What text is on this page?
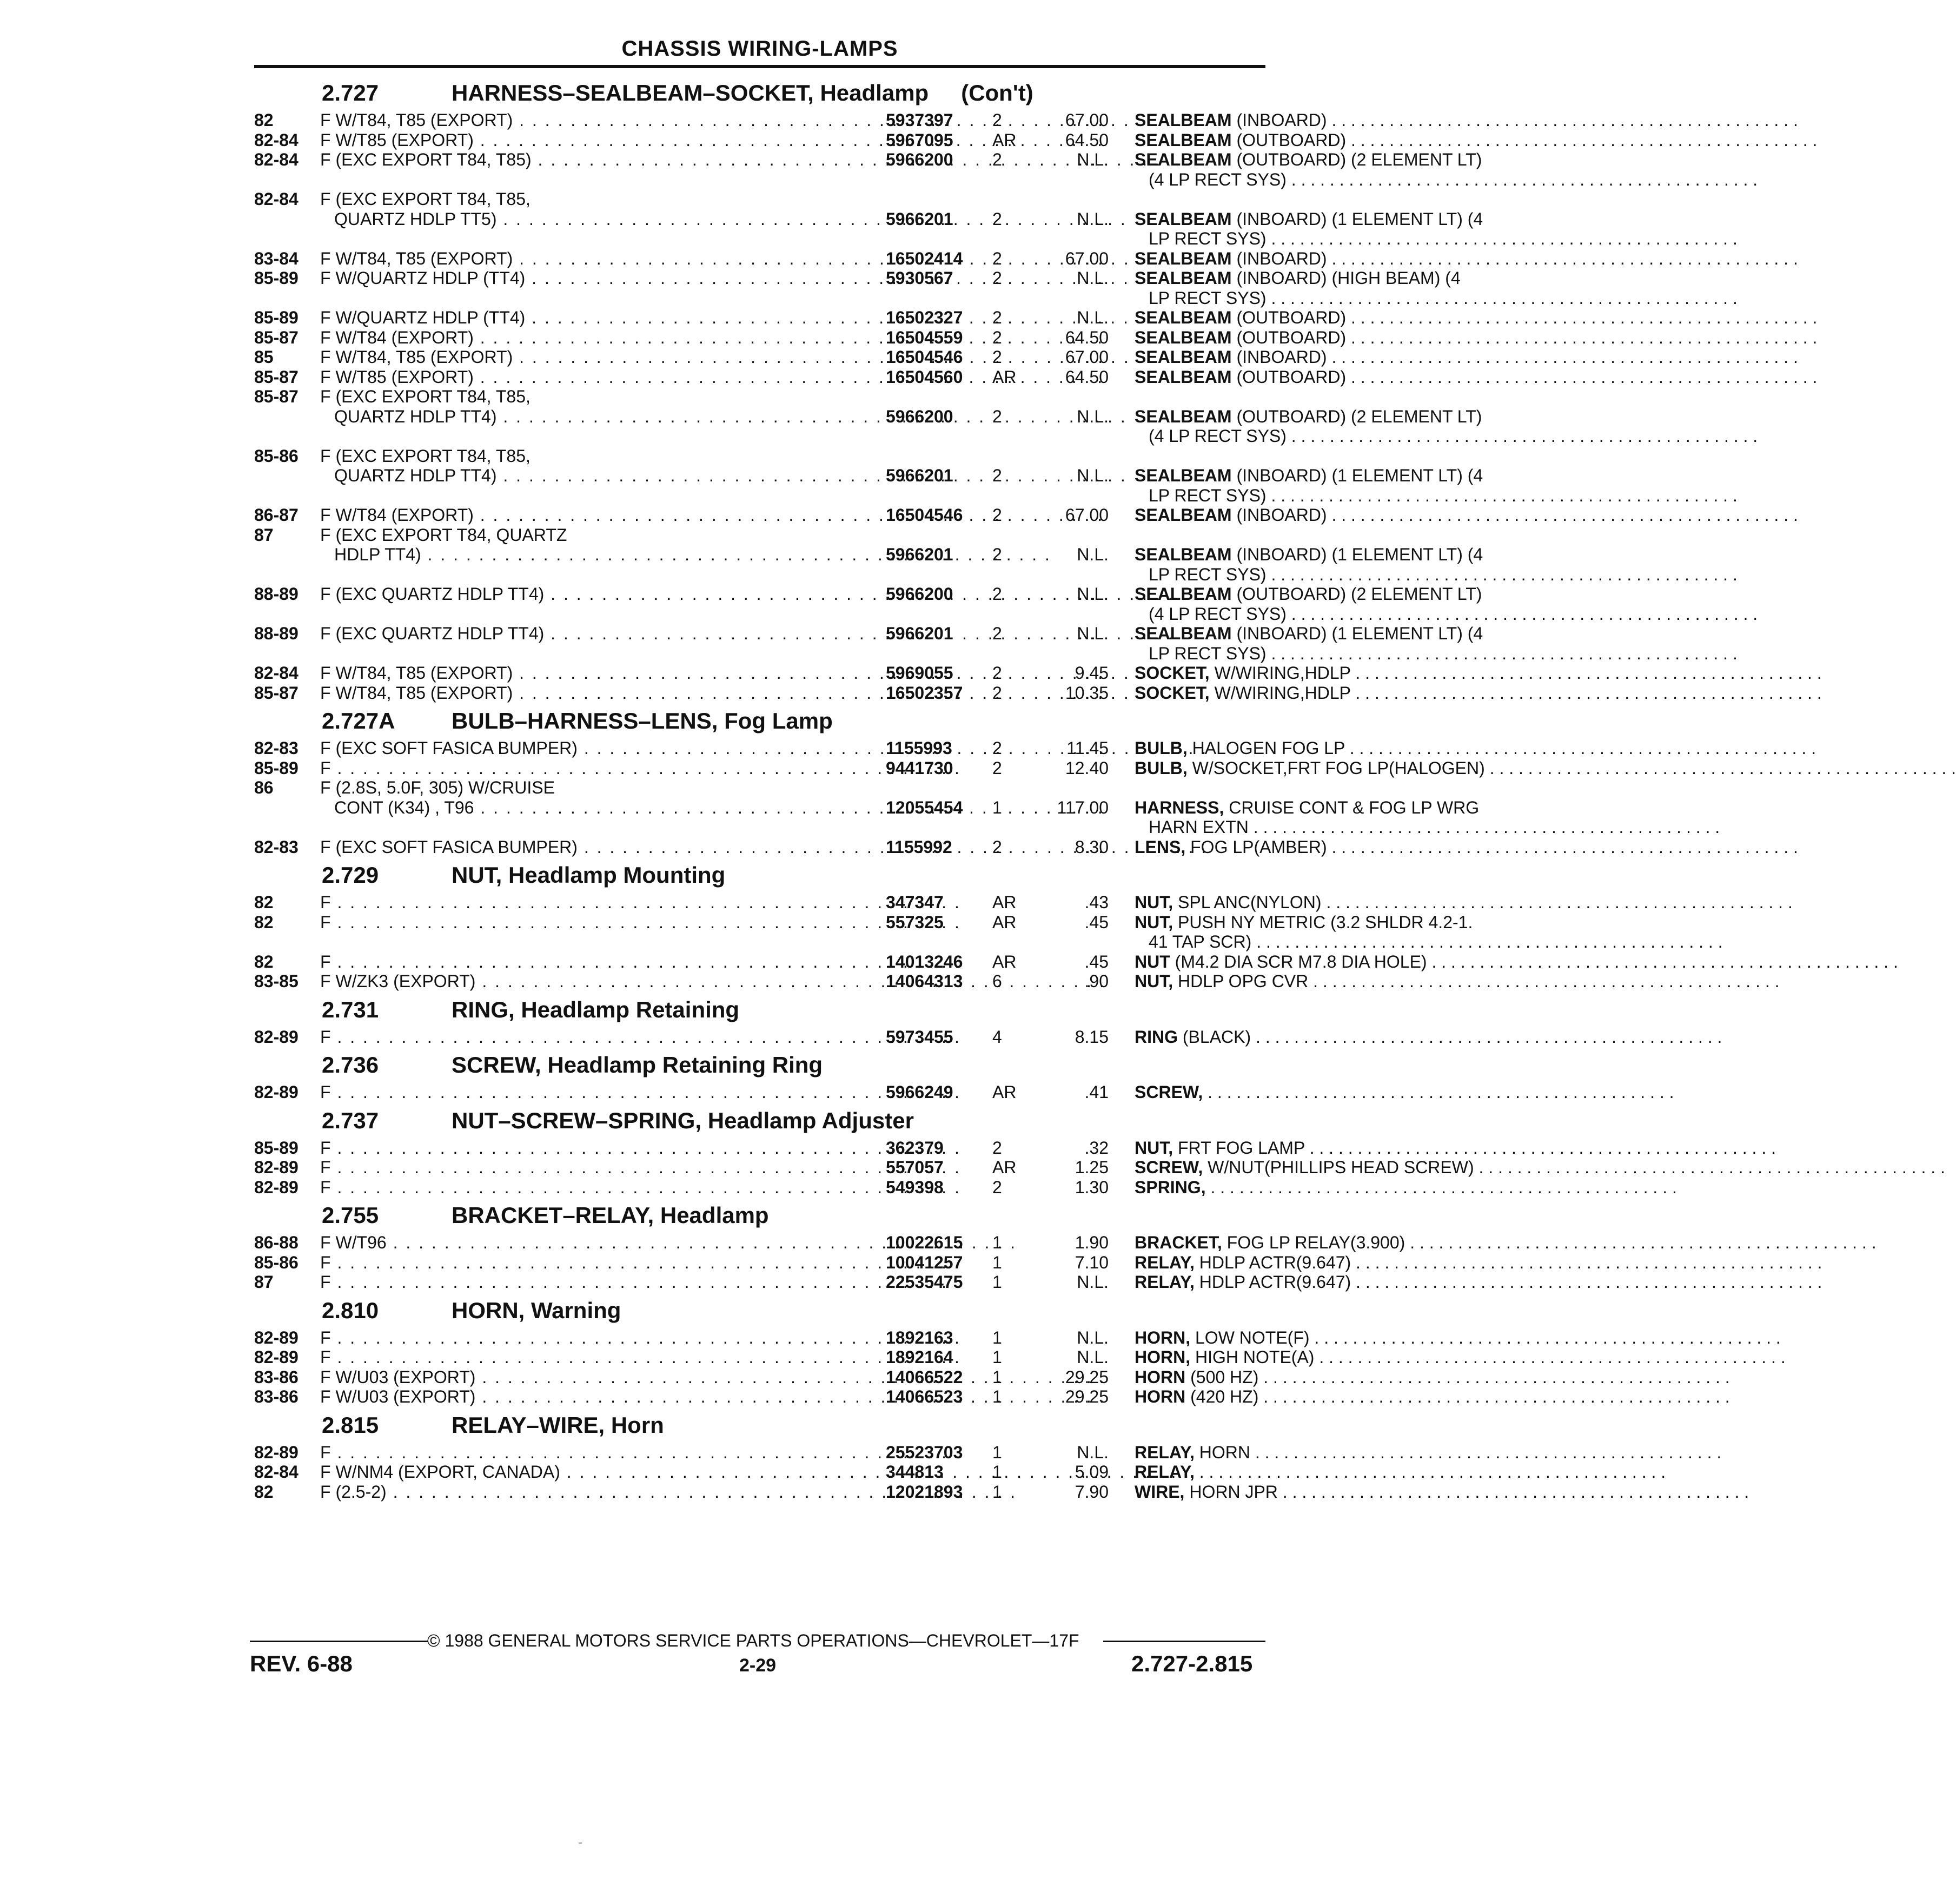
CHASSIS WIRING-LAMPS
2.727	HARNESS–SEALBEAM–SOCKET, Headlamp (Con't)
82	F W/T84, T85 (EXPORT) . . .	5937397 2	67.00 SEALBEAM (INBOARD) . . .
82-84 F W/T85 (EXPORT) . . .	5967095 AR	64.50 SEALBEAM (OUTBOARD) . . .
82-84 F (EXC EXPORT T84, T85) . . .	5966200 2	N.L. SEALBEAM (OUTBOARD) (2 ELEMENT LT)
(4 LP RECT SYS) . . .
82-84 F (EXC EXPORT T84, T85,
QUARTZ HDLP TT5) . . .	5966201 2	N.L. SEALBEAM (INBOARD) (1 ELEMENT LT) (4
LP RECT SYS) . . .
83-84 F W/T84, T85 (EXPORT) . . .	16502414 2	67.00 SEALBEAM (INBOARD) . . .
85-89 F W/QUARTZ HDLP (TT4) . . .	5930567 2	N.L. SEALBEAM (INBOARD) (HIGH BEAM) (4
LP RECT SYS) . . .
85-89 F W/QUARTZ HDLP (TT4) . . .	16502327 2	N.L. SEALBEAM (OUTBOARD) . . .
85-87 F W/T84 (EXPORT) . . .	16504559 2	64.50 SEALBEAM (OUTBOARD) . . .
85	F W/T84, T85 (EXPORT) . . .	16504546 2	67.00 SEALBEAM (INBOARD) . . .
85-87 F W/T85 (EXPORT) . . .	16504560 AR	64.50 SEALBEAM (OUTBOARD) . . .
85-87 F (EXC EXPORT T84, T85,
QUARTZ HDLP TT4) . . .	5966200 2	N.L. SEALBEAM (OUTBOARD) (2 ELEMENT LT)
(4 LP RECT SYS) . . .
85-86 F (EXC EXPORT T84, T85,
QUARTZ HDLP TT4) . . .	5966201 2	N.L. SEALBEAM (INBOARD) (1 ELEMENT LT) (4
LP RECT SYS) . . .
86-87 F W/T84 (EXPORT) . . .	16504546 2	67.00 SEALBEAM (INBOARD) . . .
87	F (EXC EXPORT T84, QUARTZ
HDLP TT4) . . .	5966201 2	N.L. SEALBEAM (INBOARD) (1 ELEMENT LT) (4
LP RECT SYS) . . .
88-89 F (EXC QUARTZ HDLP TT4) . . .	5966200 2	N.L. SEALBEAM (OUTBOARD) (2 ELEMENT LT)
(4 LP RECT SYS) . . .
88-89 F (EXC QUARTZ HDLP TT4) . . .	5966201 2	N.L. SEALBEAM (INBOARD) (1 ELEMENT LT) (4
LP RECT SYS) . . .
82-84 F W/T84, T85 (EXPORT) . . .	5969055 2	9.45 SOCKET, W/WIRING,HDLP . . .
85-87 F W/T84, T85 (EXPORT) . . .	16502357 2	10.35 SOCKET, W/WIRING,HDLP . . .
2.727A BULB–HARNESS–LENS, Fog Lamp
82-83 F (EXC SOFT FASICA BUMPER) . . .	1155993 2	11.45 BULB, HALOGEN FOG LP . . .
85-89 F . . .	9441730 2	12.40 BULB, W/SOCKET,FRT FOG LP(HALOGEN) . . .
86	F (2.8S, 5.0F, 305) W/CRUISE
CONT (K34) , T96 . . .	12055454 1	117.00 HARNESS, CRUISE CONT & FOG LP WRG
HARN EXTN . . .
82-83 F (EXC SOFT FASICA BUMPER) . . .	1155992 2	8.30 LENS, FOG LP(AMBER) . . .
2.729	NUT, Headlamp Mounting
82	F . . .	347347	AR	.43 NUT, SPL ANC(NYLON) . . .
82	F . . .	557325	AR	.45 NUT, PUSH NY METRIC (3.2 SHLDR 4.2-1.
41 TAP SCR) . . .
82	F . . .	14013246 AR	.45 NUT (M4.2 DIA SCR M7.8 DIA HOLE) . . .
83-85 F W/ZK3 (EXPORT) . . .	14064313 6	.90 NUT, HDLP OPG CVR . . .
2.731	RING, Headlamp Retaining
82-89 F . . .	5973455 4	8.15 RING (BLACK) . . .
2.736	SCREW, Headlamp Retaining Ring
82-89 F . . .	5966249 AR	.41 SCREW, . . .
2.737	NUT–SCREW–SPRING, Headlamp Adjuster
85-89 F . . .	362379	2	.32 NUT, FRT FOG LAMP . . .
82-89 F . . .	557057	AR	1.25 SCREW, W/NUT(PHILLIPS HEAD SCREW) . . .
82-89 F . . .	549398	2	1.30 SPRING, . . .
2.755	BRACKET–RELAY, Headlamp
86-88 F W/T96 . . .	10022615 1	1.90 BRACKET, FOG LP RELAY(3.900) . . .
85-86 F . . .	10041257 1	7.10 RELAY, HDLP ACTR(9.647) . . .
87	F . . .	22535475 1	N.L. RELAY, HDLP ACTR(9.647) . . .
2.810	HORN, Warning
82-89 F . . .	1892163 1	N.L. HORN, LOW NOTE(F) . . .
82-89 F . . .	1892164 1	N.L. HORN, HIGH NOTE(A) . . .
83-86 F W/U03 (EXPORT) . . .	14066522 1	29.25 HORN (500 HZ) . . .
83-86 F W/U03 (EXPORT) . . .	14066523 1	29.25 HORN (420 HZ) . . .
2.815	RELAY–WIRE, Horn
82-89 F . . .	25523703 1	N.L. RELAY, HORN . . .
82-84 F W/NM4 (EXPORT, CANADA) . . .	344813	1	5.09 RELAY, . . .
82	F (2.5-2) . . .	12021893 1	7.90 WIRE, HORN JPR . . .
© 1988 GENERAL MOTORS SERVICE PARTS OPERATIONS—CHEVROLET—17F
REV. 6-88	2-29	2.727-2.815
